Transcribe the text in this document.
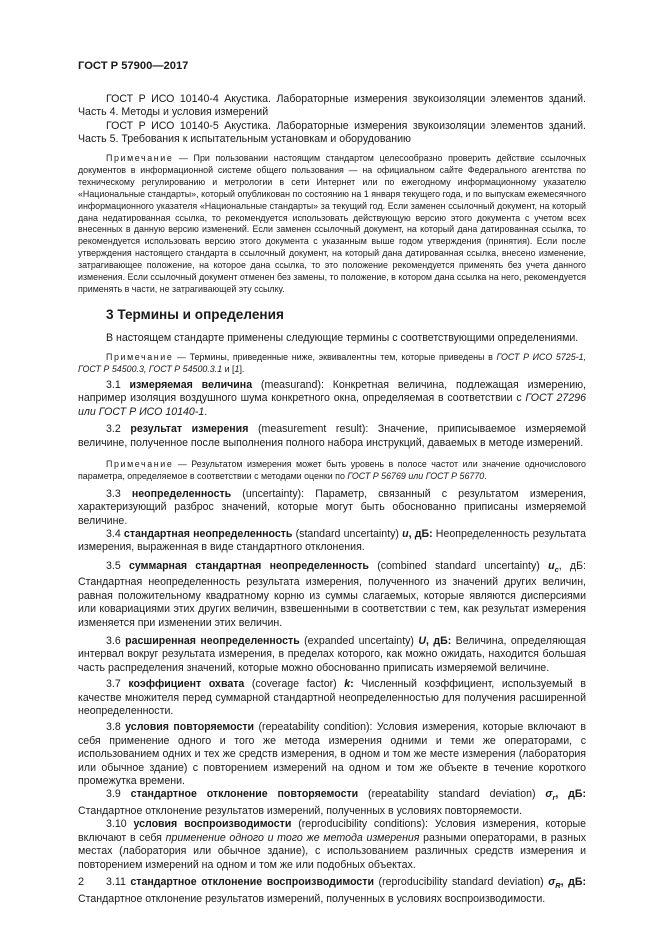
ГОСТ Р 57900—2017

ГОСТ Р ИСО 10140-4 Акустика. Лабораторные измерения звукоизоляции элементов зданий. Часть 4. Методы и условия измерений

ГОСТ Р ИСО 10140-5 Акустика. Лабораторные измерения звукоизоляции элементов зданий. Часть 5. Требования к испытательным установкам и оборудованию

Примечание — При пользовании настоящим стандартом целесообразно проверить действие ссылочных документов в информационной системе общего пользования — на официальном сайте Федерального агентства по техническому регулированию и метрологии в сети Интернет или по ежегодному информационному указателю «Национальные стандарты», который опубликован по состоянию на 1 января текущего года, и по выпускам ежемесячного информационного указателя «Национальные стандарты» за текущий год. Если заменен ссылочный документ, на который дана недатированная ссылка, то рекомендуется использовать действующую версию этого документа с учетом всех внесенных в данную версию изменений. Если заменен ссылочный документ, на который дана датированная ссылка, то рекомендуется использовать версию этого документа с указанным выше годом утверждения (принятия). Если после утверждения настоящего стандарта в ссылочный документ, на который дана датированная ссылка, внесено изменение, затрагивающее положение, на которое дана ссылка, то это положение рекомендуется применять без учета данного изменения. Если ссылочный документ отменен без замены, то положение, в котором дана ссылка на него, рекомендуется применять в части, не затрагивающей эту ссылку.

3 Термины и определения

В настоящем стандарте применены следующие термины с соответствующими определениями.

Примечание — Термины, приведенные ниже, эквивалентны тем, которые приведены в ГОСТ Р ИСО 5725-1, ГОСТ Р 54500.3, ГОСТ Р 54500.3.1 и [1].

3.1 измеряемая величина (measurand): Конкретная величина, подлежащая измерению, например изоляция воздушного шума конкретного окна, определяемая в соответствии с ГОСТ 27296 или ГОСТ Р ИСО 10140-1.

3.2 результат измерения (measurement result): Значение, приписываемое измеряемой величине, полученное после выполнения полного набора инструкций, даваемых в методе измерений.

Примечание — Результатом измерения может быть уровень в полосе частот или значение одночислового параметра, определяемое в соответствии с методами оценки по ГОСТ Р 56769 или ГОСТ Р 56770.

3.3 неопределенность (uncertainty): Параметр, связанный с результатом измерения, характеризующий разброс значений, которые могут быть обоснованно приписаны измеряемой величине.

3.4 стандартная неопределенность (standard uncertainty) u, дБ: Неопределенность результата измерения, выраженная в виде стандартного отклонения.

3.5 суммарная стандартная неопределенность (combined standard uncertainty) $u_c$, дБ: Стандартная неопределенность результата измерения, полученного из значений других величин, равная положительному квадратному корню из суммы слагаемых, которые являются дисперсиями или ковариациями этих других величин, взвешенными в соответствии с тем, как результат измерения изменяется при изменении этих величин.

3.6 расширенная неопределенность (expanded uncertainty) U, дБ: Величина, определяющая интервал вокруг результата измерения, в пределах которого, как можно ожидать, находится большая часть распределения значений, которые можно обоснованно приписать измеряемой величине.

3.7 коэффициент охвата (coverage factor) k: Численный коэффициент, используемый в качестве множителя перед суммарной стандартной неопределенностью для получения расширенной неопределенности.

3.8 условия повторяемости (repeatability condition): Условия измерения, которые включают в себя применение одного и того же метода измерения одними и теми же операторами, с использованием одних и тех же средств измерения, в одном и том же месте измерения (лаборатория или обычное здание) с повторением измерений на одном и том же объекте в течение короткого промежутка времени.

3.9 стандартное отклонение повторяемости (repeatability standard deviation) $\sigma_r$, дБ: Стандартное отклонение результатов измерений, полученных в условиях повторяемости.

3.10 условия воспроизводимости (reproducibility conditions): Условия измерения, которые включают в себя применение одного и того же метода измерения разными операторами, в разных местах (лаборатория или обычное здание), с использованием различных средств измерения и повторением измерений на одном и том же или подобных объектах.

3.11 стандартное отклонение воспроизводимости (reproducibility standard deviation) $\sigma_R$, дБ: Стандартное отклонение результатов измерений, полученных в условиях воспроизводимости.

2
